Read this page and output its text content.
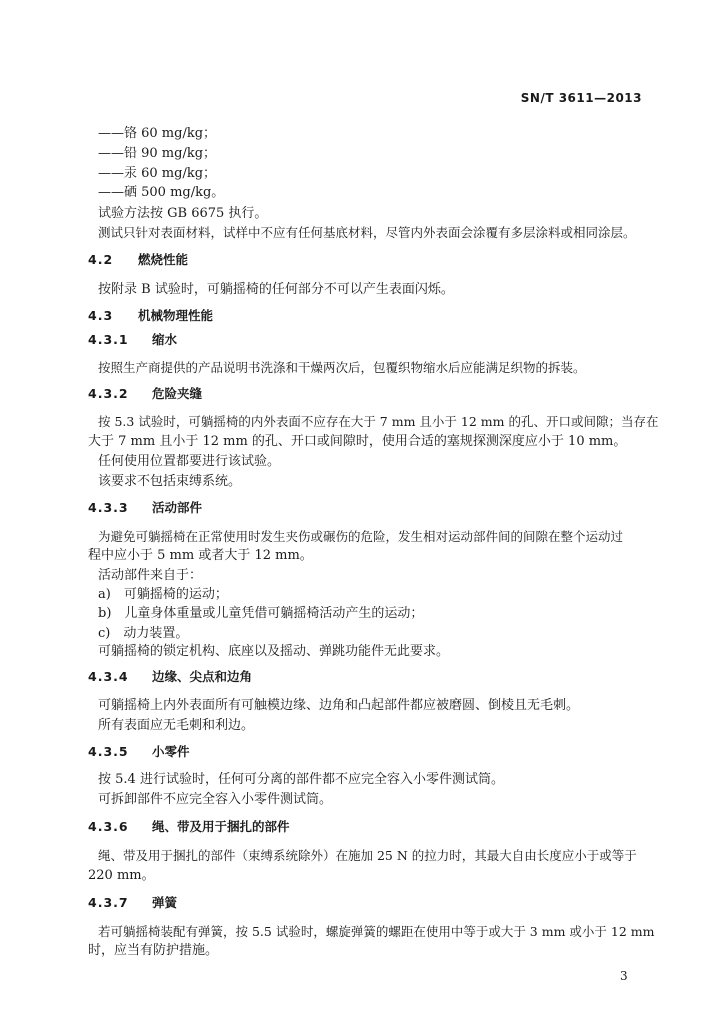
SN/T 3611—2013
——铬 60 mg/kg；
——铅 90 mg/kg；
——汞 60 mg/kg；
——硒 500 mg/kg。
试验方法按 GB 6675 执行。
测试只针对表面材料，试样中不应有任何基底材料，尽管内外表面会涂覆有多层涂料或相同涂层。
4.2 燃烧性能
按附录 B 试验时，可躺摇椅的任何部分不可以产生表面闪烁。
4.3 机械物理性能
4.3.1 缩水
按照生产商提供的产品说明书洗涤和干燥两次后，包覆织物缩水后应能满足织物的拆装。
4.3.2 危险夹缝
按 5.3 试验时，可躺摇椅的内外表面不应存在大于 7 mm 且小于 12 mm 的孔、开口或间隙；当存在
大于 7 mm 且小于 12 mm 的孔、开口或间隙时，使用合适的塞规探测深度应小于 10 mm。
任何使用位置都要进行该试验。
该要求不包括束缚系统。
4.3.3 活动部件
为避免可躺摇椅在正常使用时发生夹伤或碾伤的危险，发生相对运动部件间的间隙在整个运动过
程中应小于 5 mm 或者大于 12 mm。
活动部件来自于：
a)　可躺摇椅的运动；
b)　儿童身体重量或儿童凭借可躺摇椅活动产生的运动；
c)　动力装置。
可躺摇椅的锁定机构、底座以及摇动、弹跳功能件无此要求。
4.3.4 边缘、尖点和边角
可躺摇椅上内外表面所有可触模边缘、边角和凸起部件都应被磨圆、倒棱且无毛刺。
所有表面应无毛刺和利边。
4.3.5 小零件
按 5.4 进行试验时，任何可分离的部件都不应完全容入小零件测试筒。
可拆卸部件不应完全容入小零件测试筒。
4.3.6 绳、带及用于捆扎的部件
绳、带及用于捆扎的部件（束缚系统除外）在施加 25 N 的拉力时，其最大自由长度应小于或等于
220 mm。
4.3.7 弹簧
若可躺摇椅装配有弹簧，按 5.5 试验时，螺旋弹簧的螺距在使用中等于或大于 3 mm 或小于 12 mm
时，应当有防护措施。
3
